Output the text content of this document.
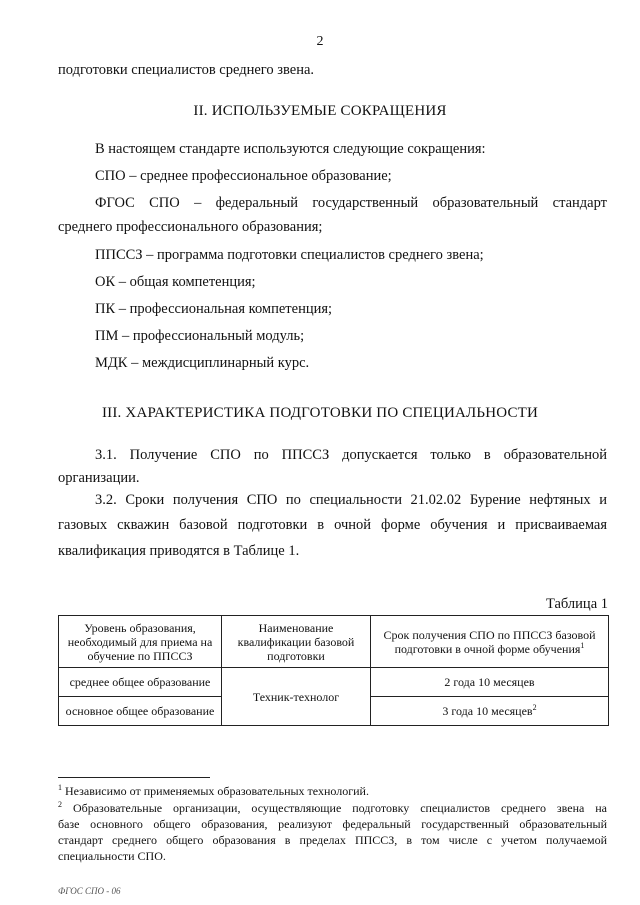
2
подготовки специалистов среднего звена.
II. ИСПОЛЬЗУЕМЫЕ СОКРАЩЕНИЯ
В настоящем стандарте используются следующие сокращения:
СПО – среднее профессиональное образование;
ФГОС СПО – федеральный государственный образовательный стандарт
среднего профессионального образования;
ППССЗ – программа подготовки специалистов среднего звена;
ОК – общая компетенция;
ПК – профессиональная компетенция;
ПМ – профессиональный модуль;
МДК – междисциплинарный курс.
III. ХАРАКТЕРИСТИКА ПОДГОТОВКИ ПО СПЕЦИАЛЬНОСТИ
3.1. Получение СПО по ППССЗ допускается только в образовательной
организации.
3.2. Сроки получения СПО по специальности 21.02.02 Бурение нефтяных и
газовых скважин базовой подготовки в очной форме обучения и присваиваемая
квалификация приводятся в Таблице 1.
Таблица 1
Уровень образования, необходимый для приема на обучение по ППССЗ	Наименование квалификации базовой подготовки	Срок получения СПО по ППССЗ базовой подготовки в очной форме обучения$^1$
среднее общее образование	Техник-технолог	2 года 10 месяцев
основное общее образование		3 года 10 месяцев$^2$
$^1$ Независимо от применяемых образовательных технологий.
$^2$ Образовательные организации, осуществляющие подготовку специалистов среднего звена на
базе основного общего образования, реализуют федеральный государственный образовательный
стандарт среднего общего образования в пределах ППССЗ, в том числе с учетом получаемой
специальности СПО.
ФГОС СПО - 06
